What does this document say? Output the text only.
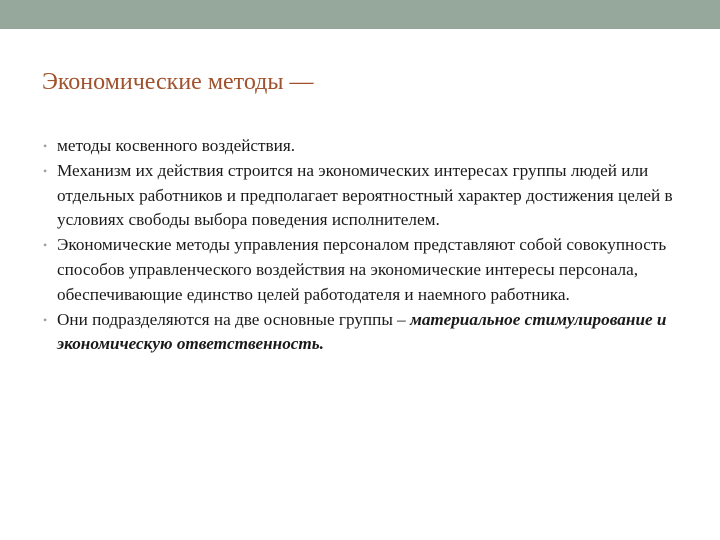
Экономические методы —
• методы косвенного воздействия.
• Механизм их действия строится на экономических интересах группы людей или отдельных работников и предполагает вероятностный характер достижения целей в условиях свободы выбора поведения исполнителем.
• Экономические методы управления персоналом представляют собой совокупность способов управленческого воздействия на экономические интересы персонала, обеспечивающие единство целей работодателя и наемного работника.
• Они подразделяются на две основные группы – материальное стимулирование и экономическую ответственность.
